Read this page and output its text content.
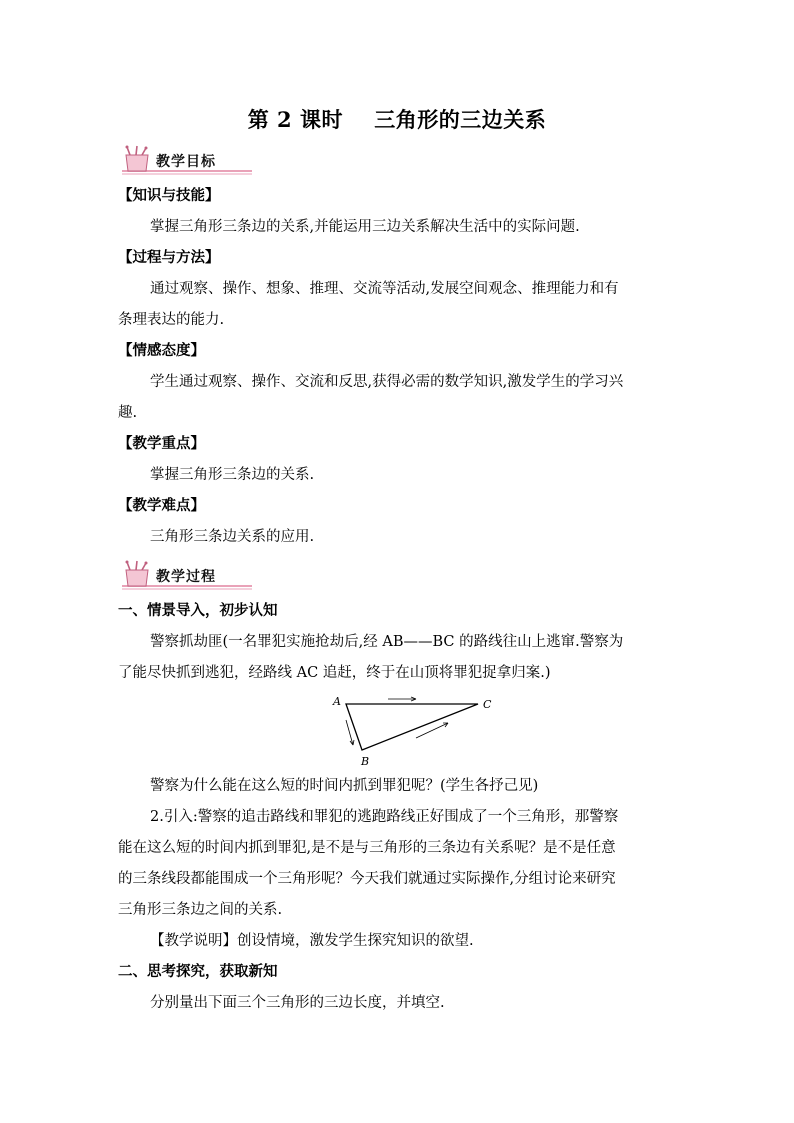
第 2 课时    三角形的三边关系
教学目标
【知识与技能】
掌握三角形三条边的关系,并能运用三边关系解决生活中的实际问题.
【过程与方法】
通过观察、操作、想象、推理、交流等活动,发展空间观念、推理能力和有
条理表达的能力.
【情感态度】
学生通过观察、操作、交流和反思,获得必需的数学知识,激发学生的学习兴
趣.
【教学重点】
掌握三角形三条边的关系.
【教学难点】
三角形三条边关系的应用.
教学过程
一、情景导入，初步认知
警察抓劫匪(一名罪犯实施抢劫后,经 AB——BC 的路线往山上逃窜.警察为
了能尽快抓到逃犯，经路线 AC 追赶，终于在山顶将罪犯捉拿归案.)
A	C
B
警察为什么能在这么短的时间内抓到罪犯呢？(学生各抒己见)
2.引入:警察的追击路线和罪犯的逃跑路线正好围成了一个三角形，那警察
能在这么短的时间内抓到罪犯,是不是与三角形的三条边有关系呢？是不是任意
的三条线段都能围成一个三角形呢？今天我们就通过实际操作,分组讨论来研究
三角形三条边之间的关系.
【教学说明】创设情境，激发学生探究知识的欲望.
二、思考探究，获取新知
分别量出下面三个三角形的三边长度，并填空.
